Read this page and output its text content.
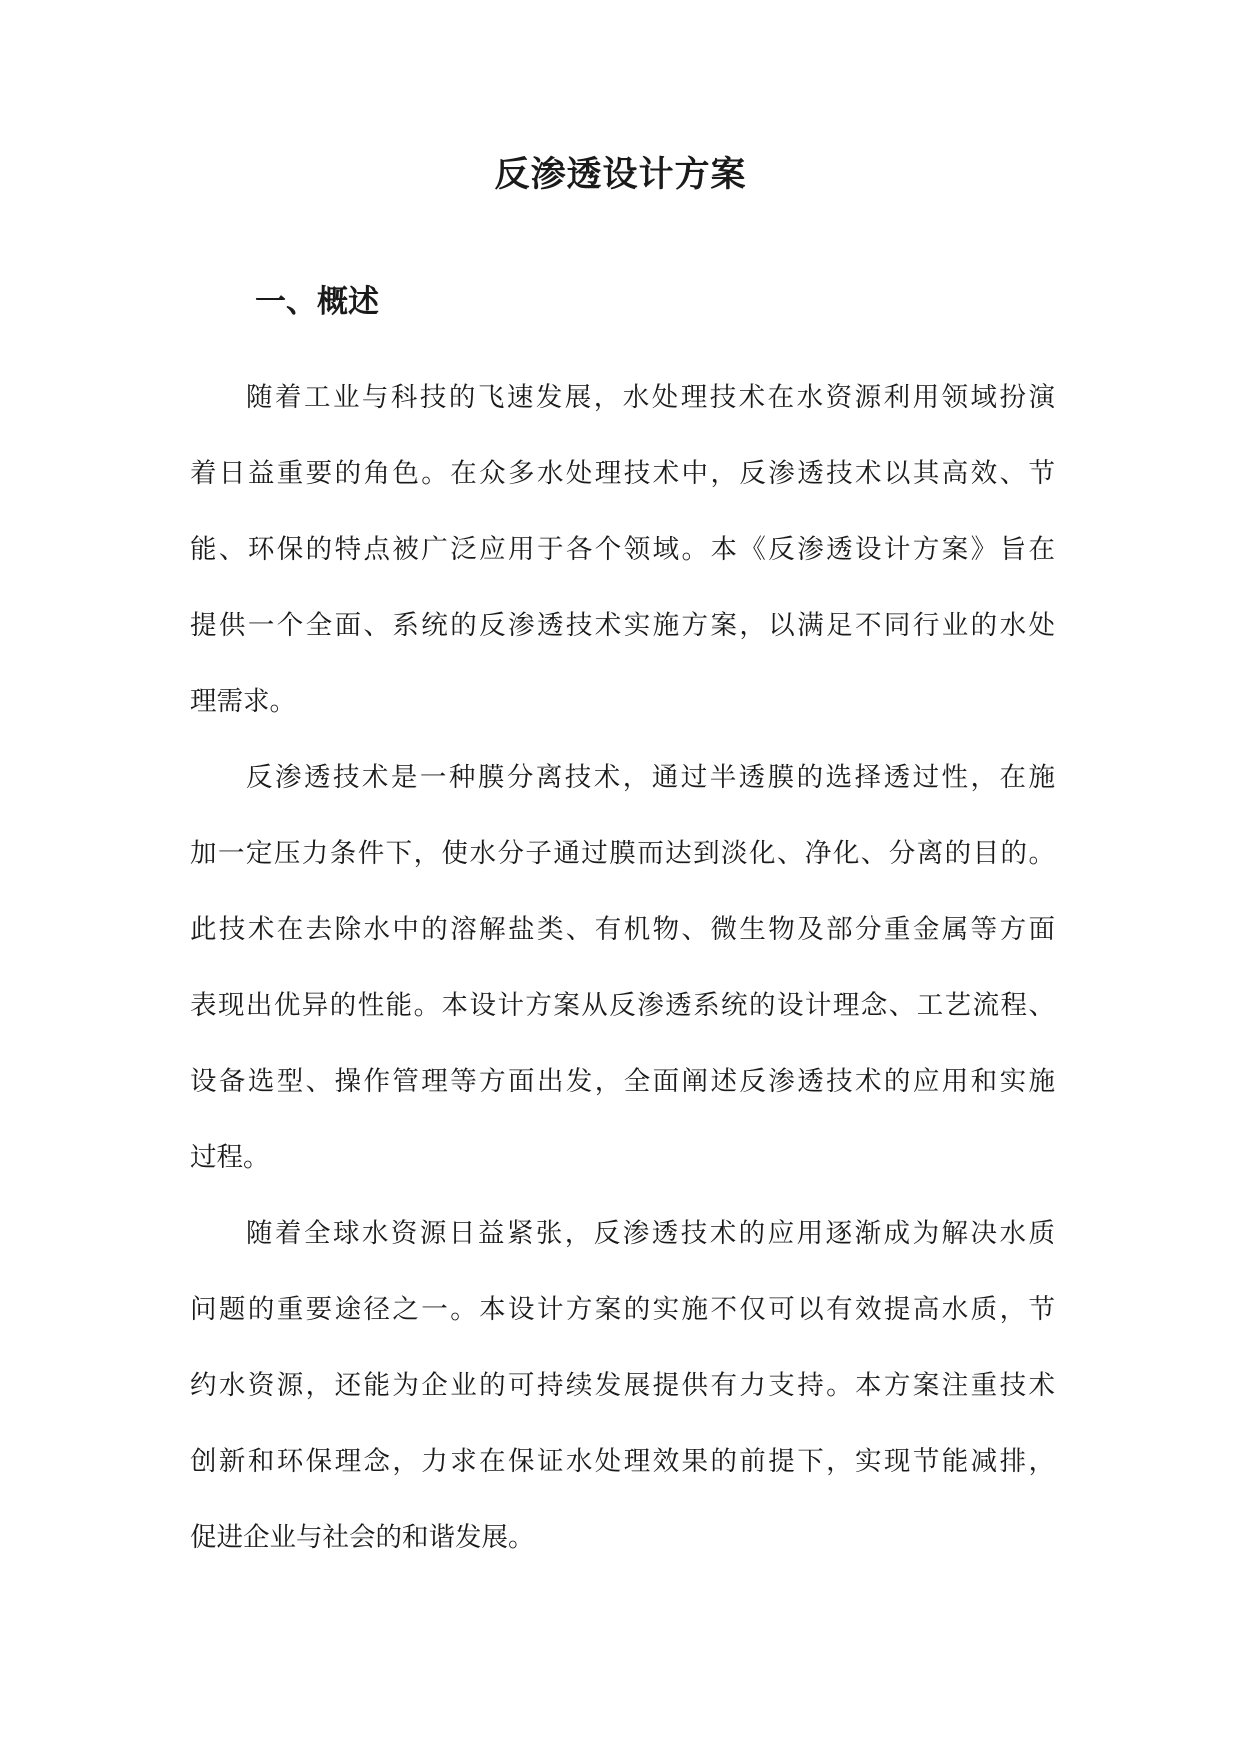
反渗透设计方案
一、概述
随着工业与科技的飞速发展，水处理技术在水资源利用领域扮演
着日益重要的角色。在众多水处理技术中，反渗透技术以其高效、节
能、环保的特点被广泛应用于各个领域。本《反渗透设计方案》旨在
提供一个全面、系统的反渗透技术实施方案，以满足不同行业的水处
理需求。
反渗透技术是一种膜分离技术，通过半透膜的选择透过性，在施
加一定压力条件下，使水分子通过膜而达到淡化、净化、分离的目的。
此技术在去除水中的溶解盐类、有机物、微生物及部分重金属等方面
表现出优异的性能。本设计方案从反渗透系统的设计理念、工艺流程、
设备选型、操作管理等方面出发，全面阐述反渗透技术的应用和实施
过程。
随着全球水资源日益紧张，反渗透技术的应用逐渐成为解决水质
问题的重要途径之一。本设计方案的实施不仅可以有效提高水质，节
约水资源，还能为企业的可持续发展提供有力支持。本方案注重技术
创新和环保理念，力求在保证水处理效果的前提下，实现节能减排，
促进企业与社会的和谐发展。
